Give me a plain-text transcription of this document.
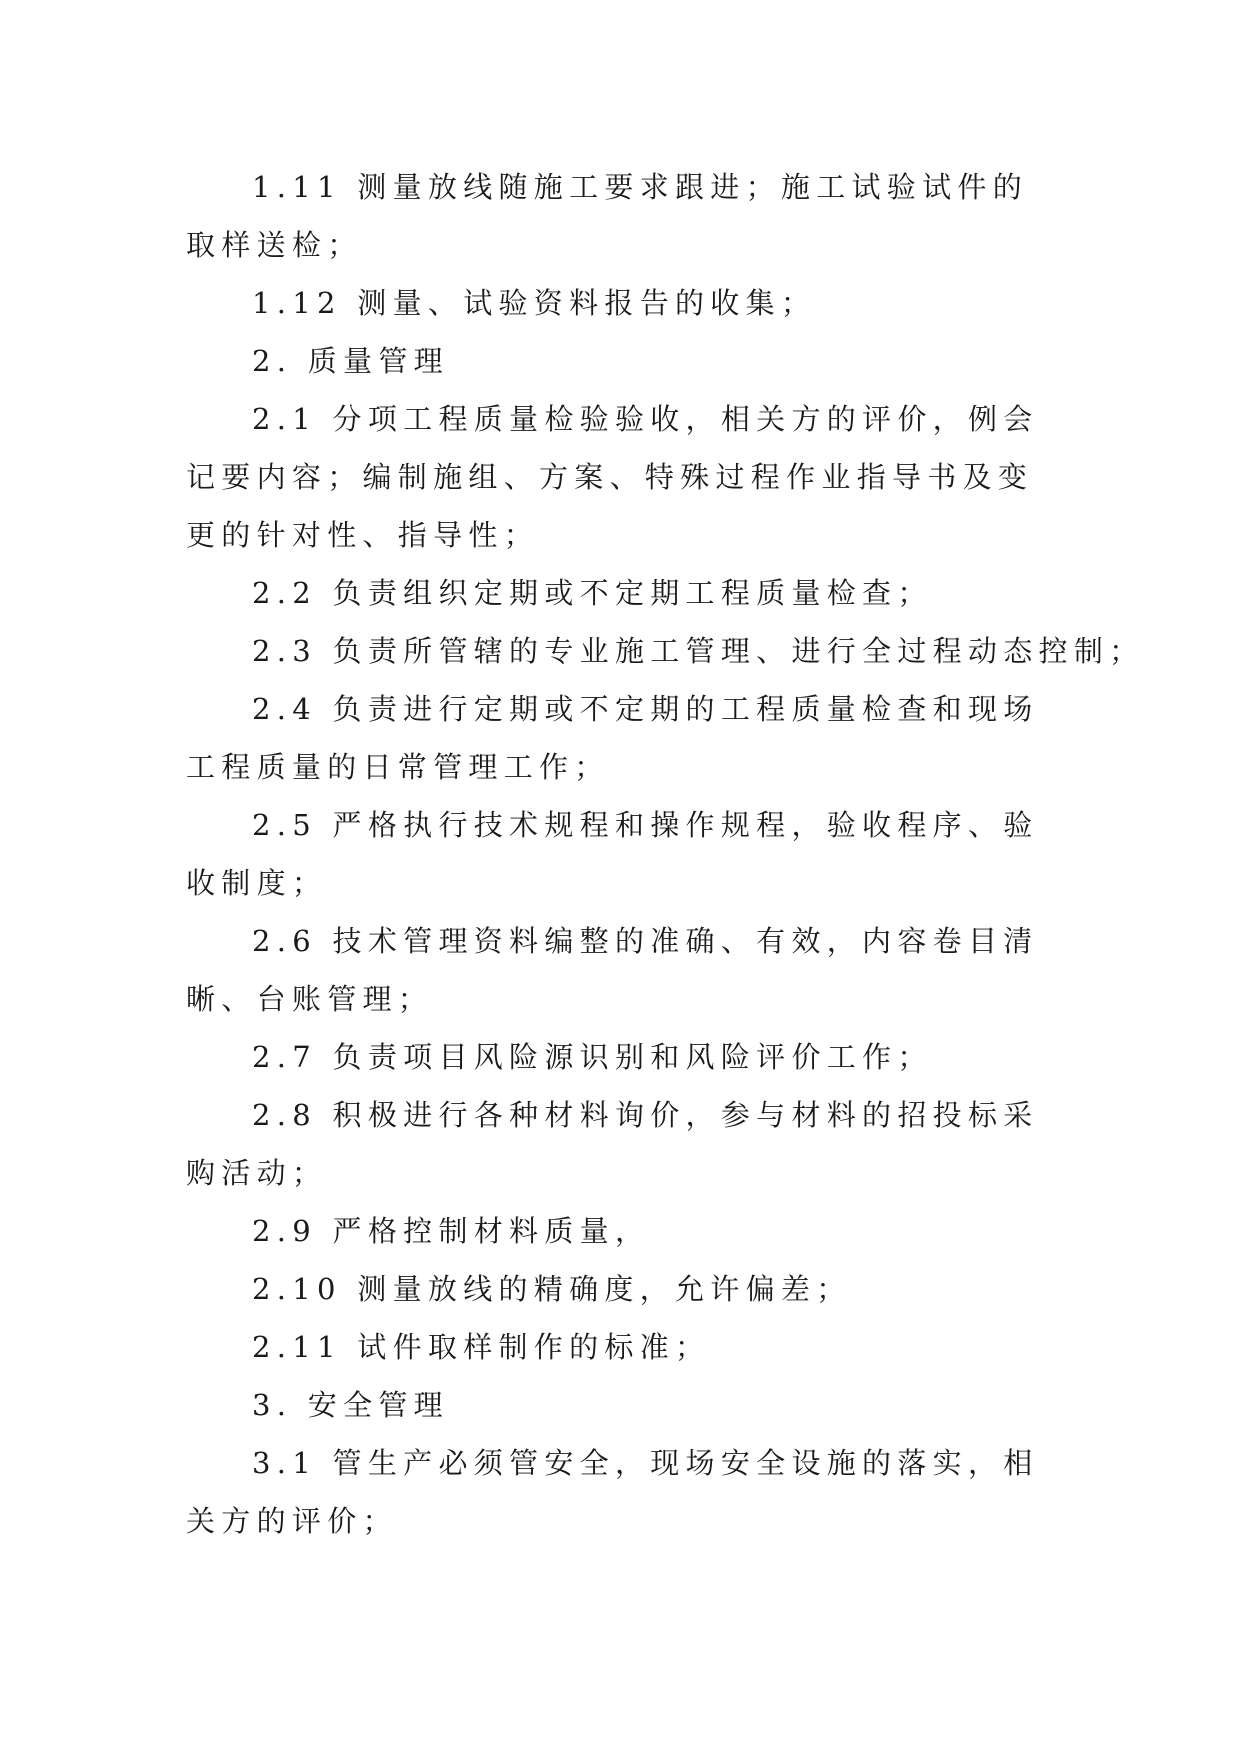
1.11 测量放线随施工要求跟进；施工试验试件的取样送检；

1.12 测量、试验资料报告的收集；

2. 质量管理

2.1 分项工程质量检验验收，相关方的评价，例会记要内容；编制施组、方案、特殊过程作业指导书及变更的针对性、指导性；

2.2 负责组织定期或不定期工程质量检查；

2.3 负责所管辖的专业施工管理、进行全过程动态控制；

2.4 负责进行定期或不定期的工程质量检查和现场工程质量的日常管理工作；

2.5 严格执行技术规程和操作规程，验收程序、验收制度；

2.6 技术管理资料编整的准确、有效，内容卷目清晰、台账管理；

2.7 负责项目风险源识别和风险评价工作；

2.8 积极进行各种材料询价，参与材料的招投标采购活动；

2.9 严格控制材料质量，

2.10 测量放线的精确度，允许偏差；

2.11 试件取样制作的标准；

3. 安全管理

3.1 管生产必须管安全，现场安全设施的落实，相关方的评价；
